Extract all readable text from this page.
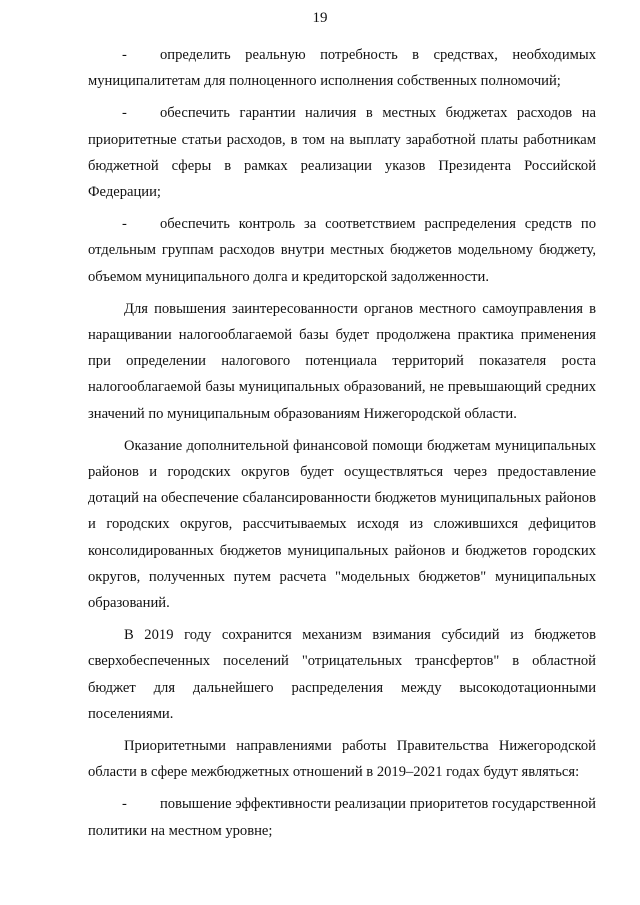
19

- определить реальную потребность в средствах, необходимых муниципалитетам для полноценного исполнения собственных полномочий;

- обеспечить гарантии наличия в местных бюджетах расходов на приоритетные статьи расходов, в том на выплату заработной платы работникам бюджетной сферы в рамках реализации указов Президента Российской Федерации;

- обеспечить контроль за соответствием распределения средств по отдельным группам расходов внутри местных бюджетов модельному бюджету, объемом муниципального долга и кредиторской задолженности.

Для повышения заинтересованности органов местного самоуправления в наращивании налогооблагаемой базы будет продолжена практика применения при определении налогового потенциала территорий показателя роста налогооблагаемой базы муниципальных образований, не превышающий средних значений по муниципальным образованиям Нижегородской области.

Оказание дополнительной финансовой помощи бюджетам муниципальных районов и городских округов будет осуществляться через предоставление дотаций на обеспечение сбалансированности бюджетов муниципальных районов и городских округов, рассчитываемых исходя из сложившихся дефицитов консолидированных бюджетов муниципальных районов и бюджетов городских округов, полученных путем расчета "модельных бюджетов" муниципальных образований.

В 2019 году сохранится механизм взимания субсидий из бюджетов сверхобеспеченных поселений "отрицательных трансфертов" в областной бюджет для дальнейшего распределения между высокодотационными поселениями.

Приоритетными направлениями работы Правительства Нижегородской области в сфере межбюджетных отношений в 2019–2021 годах будут являться:

- повышение эффективности реализации приоритетов государственной политики на местном уровне;
